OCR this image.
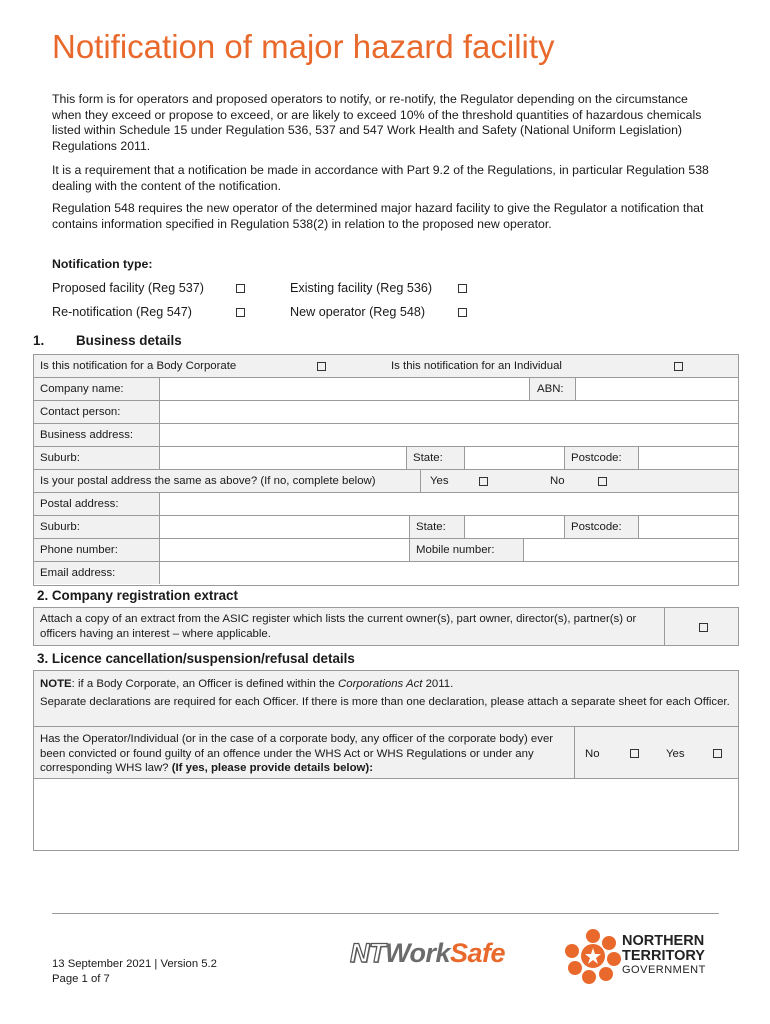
Notification of major hazard facility
This form is for operators and proposed operators to notify, or re-notify, the Regulator depending on the circumstance when they exceed or propose to exceed, or are likely to exceed 10% of the threshold quantities of hazardous chemicals listed within Schedule 15 under Regulation 536, 537 and 547 Work Health and Safety (National Uniform Legislation) Regulations 2011.
It is a requirement that a notification be made in accordance with Part 9.2 of the Regulations, in particular Regulation 538 dealing with the content of the notification.
Regulation 548 requires the new operator of the determined major hazard facility to give the Regulator a notification that contains information specified in Regulation 538(2) in relation to the proposed new operator.
Notification type:
Proposed facility (Reg 537)	Existing facility (Reg 536)
Re-notification (Reg 547)	New operator (Reg 548)
1. Business details
Is this notification for a Body Corporate	Is this notification for an Individual
Company name:	ABN:
Contact person:
Business address:
Suburb:	State:	Postcode:
Is your postal address the same as above? (If no, complete below)	Yes	No
Postal address:
Suburb:	State:	Postcode:
Phone number:	Mobile number:
Email address:
2. Company registration extract
Attach a copy of an extract from the ASIC register which lists the current owner(s), part owner, director(s), partner(s) or officers having an interest – where applicable.
3. Licence cancellation/suspension/refusal details
NOTE: if a Body Corporate, an Officer is defined within the Corporations Act 2011.
Separate declarations are required for each Officer. If there is more than one declaration, please attach a separate sheet for each Officer.
Has the Operator/Individual (or in the case of a corporate body, any officer of the corporate body) ever been convicted or found guilty of an offence under the WHS Act or WHS Regulations or under any corresponding WHS law? (If yes, please provide details below):
No	Yes
13 September 2021 | Version 5.2
Page 1 of 7
NTWorkSafe	NORTHERN
TERRITORY
GOVERNMENT
